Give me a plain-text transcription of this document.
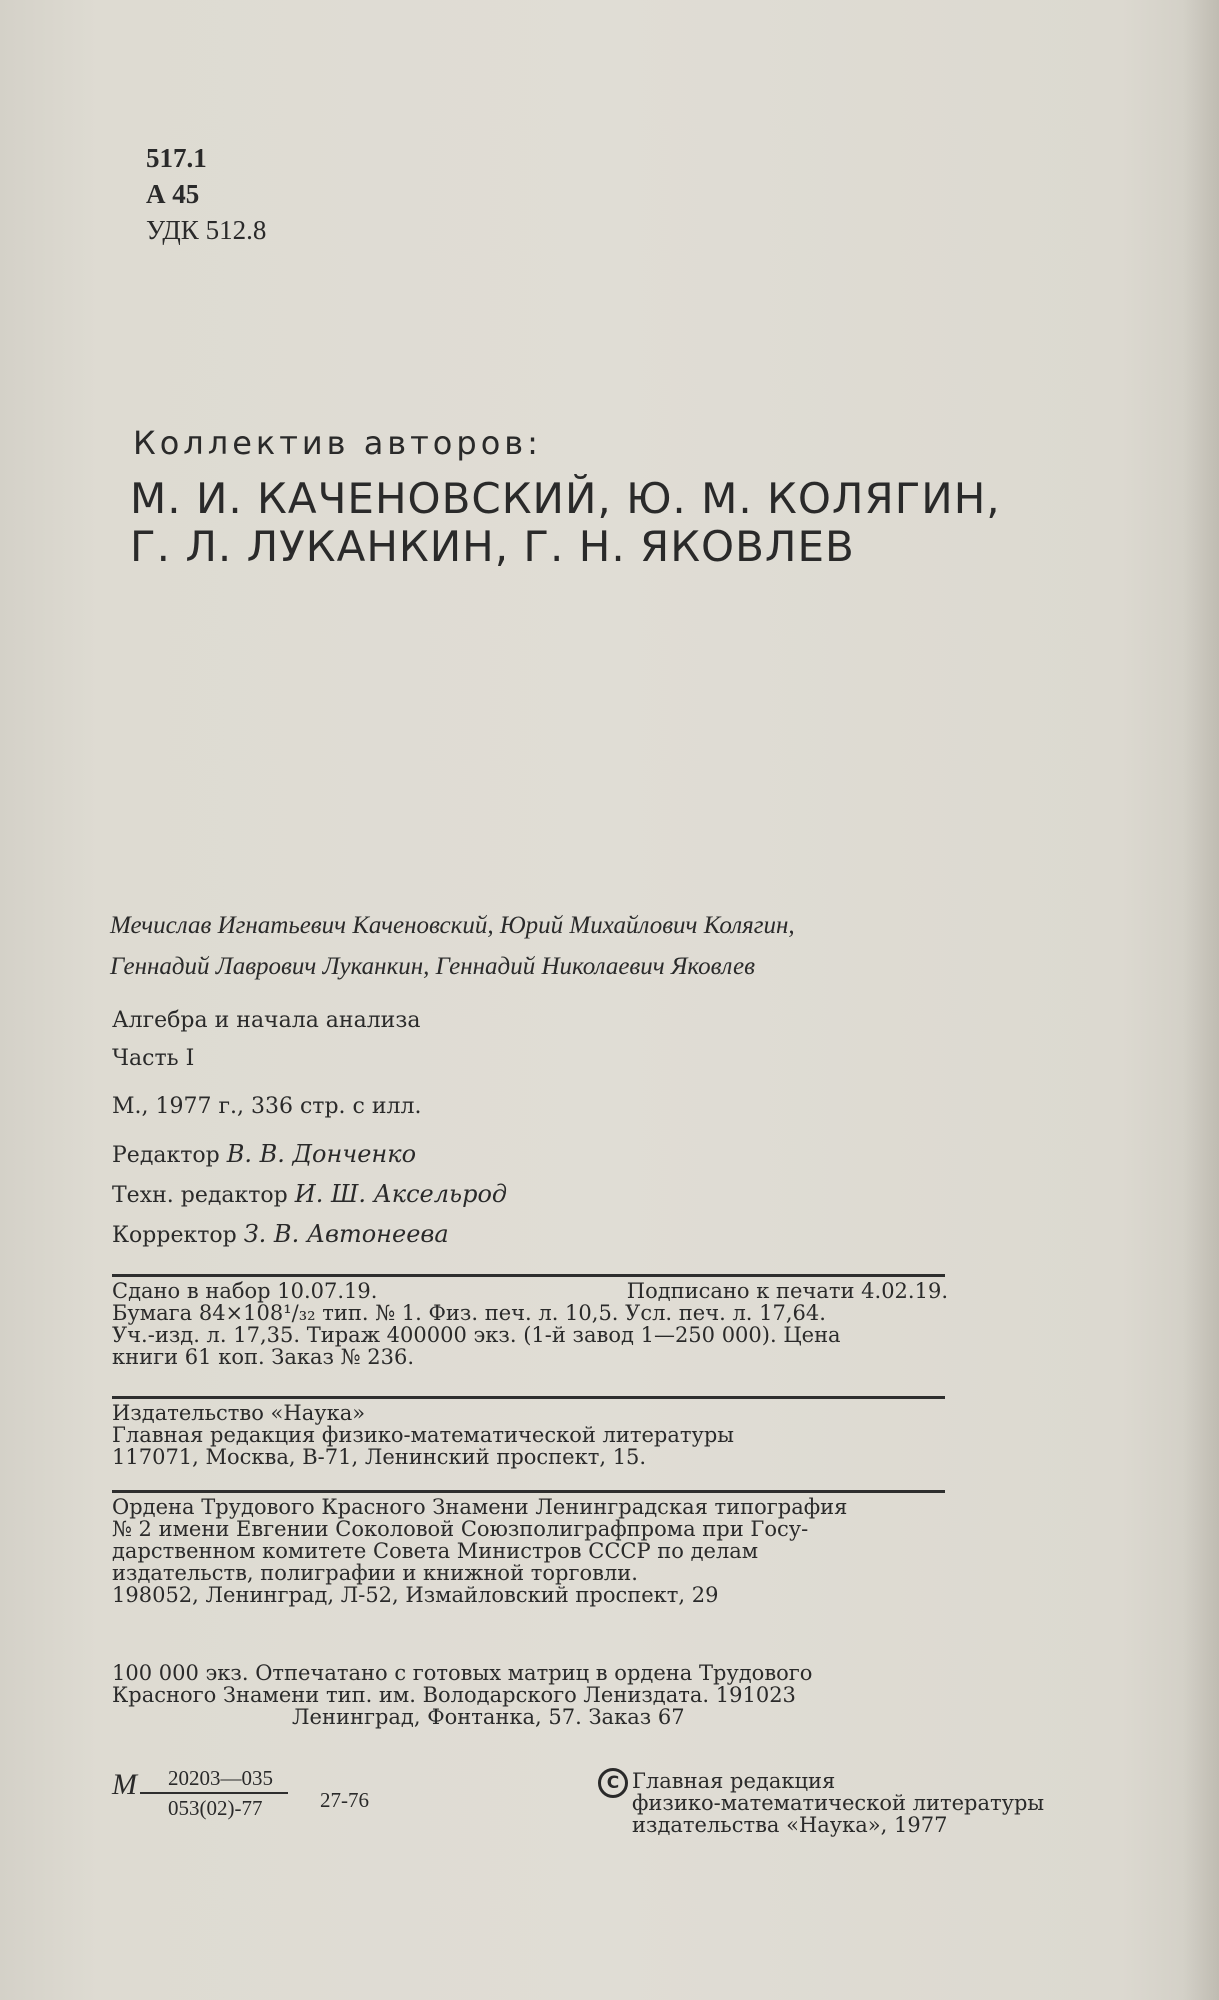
517.1
А 45
УДК 512.8
Коллектив авторов:
М. И. КАЧЕНОВСКИЙ, Ю. М. КОЛЯГИН,
Г. Л. ЛУКАНКИН, Г. Н. ЯКОВЛЕВ
Мечислав Игнатьевич Каченовский, Юрий Михайлович Колягин,
Геннадий Лаврович Луканкин, Геннадий Николаевич Яковлев
Алгебра и начала анализа
Часть I
М., 1977 г., 336 стр. с илл.
Редактор В. В. Донченко
Техн. редактор И. Ш. Аксельрод
Корректор З. В. Автонеева
Сдано в набор 10.07.19.	Подписано к печати 4.02.19.
Бумага 84×108¹/₃₂ тип. № 1. Физ. печ. л. 10,5. Усл. печ. л. 17,64.
Уч.-изд. л. 17,35. Тираж 400000 экз. (1-й завод 1—250 000). Цена
книги 61 коп. Заказ № 236.
Издательство «Наука»
Главная редакция физико-математической литературы
117071, Москва, В-71, Ленинский проспект, 15.
Ордена Трудового Красного Знамени Ленинградская типография
№ 2 имени Евгении Соколовой Союзполиграфпрома при Госу-
дарственном комитете Совета Министров СССР по делам
издательств, полиграфии и книжной торговли.
198052, Ленинград, Л-52, Измайловский проспект, 29
100 000 экз. Отпечатано с готовых матриц в ордена Трудового
Красного Знамени тип. им. Володарского Лениздата. 191023
Ленинград, Фонтанка, 57. Заказ 67
М 20203—035
053(02)-77	27-76
С Главная редакция
физико-математической литературы
издательства «Наука», 1977
